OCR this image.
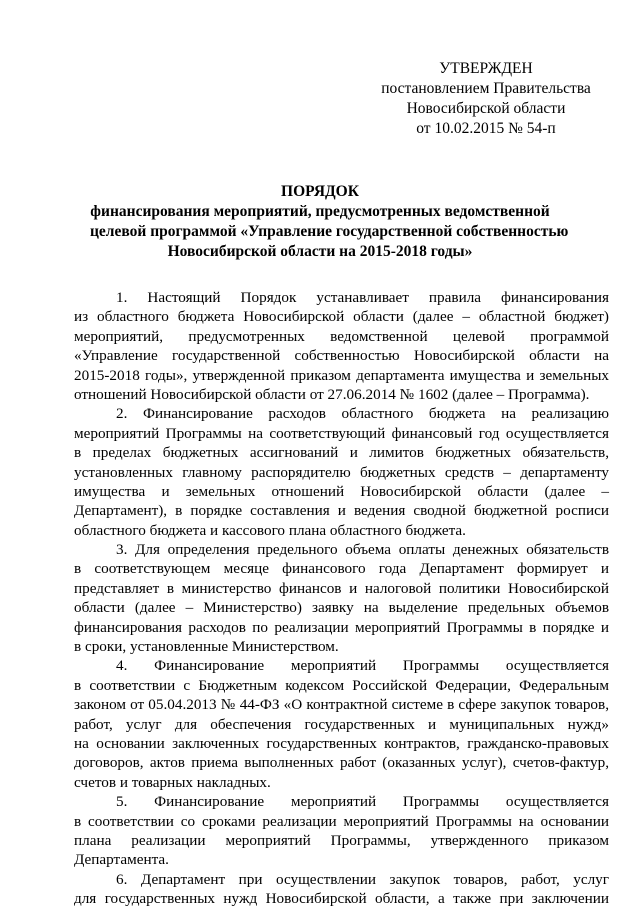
УТВЕРЖДЕН
постановлением Правительства
Новосибирской области
от 10.02.2015 № 54-п
ПОРЯДОК
финансирования мероприятий, предусмотренных ведомственной
целевой программой «Управление государственной собственностью
Новосибирской области на 2015-2018 годы»
1. Настоящий Порядок устанавливает правила финансирования
из областного бюджета Новосибирской области (далее – областной бюджет)
мероприятий, предусмотренных ведомственной целевой программой
«Управление государственной собственностью Новосибирской области на
2015-2018 годы», утвержденной приказом департамента имущества и земельных
отношений Новосибирской области от 27.06.2014 № 1602 (далее – Программа).
2. Финансирование расходов областного бюджета на реализацию
мероприятий Программы на соответствующий финансовый год осуществляется
в пределах бюджетных ассигнований и лимитов бюджетных обязательств,
установленных главному распорядителю бюджетных средств – департаменту
имущества и земельных отношений Новосибирской области (далее –
Департамент), в порядке составления и ведения сводной бюджетной росписи
областного бюджета и кассового плана областного бюджета.
3. Для определения предельного объема оплаты денежных обязательств
в соответствующем месяце финансового года Департамент формирует и
представляет в министерство финансов и налоговой политики Новосибирской
области (далее – Министерство) заявку на выделение предельных объемов
финансирования расходов по реализации мероприятий Программы в порядке и
в сроки, установленные Министерством.
4. Финансирование мероприятий Программы осуществляется
в соответствии с Бюджетным кодексом Российской Федерации, Федеральным
законом от 05.04.2013 № 44-ФЗ «О контрактной системе в сфере закупок товаров,
работ, услуг для обеспечения государственных и муниципальных нужд»
на основании заключенных государственных контрактов, гражданско-правовых
договоров, актов приема выполненных работ (оказанных услуг), счетов-фактур,
счетов и товарных накладных.
5. Финансирование мероприятий Программы осуществляется
в соответствии со сроками реализации мероприятий Программы на основании
плана реализации мероприятий Программы, утвержденного приказом
Департамента.
6. Департамент при осуществлении закупок товаров, работ, услуг
для государственных нужд Новосибирской области, а также при заключении
